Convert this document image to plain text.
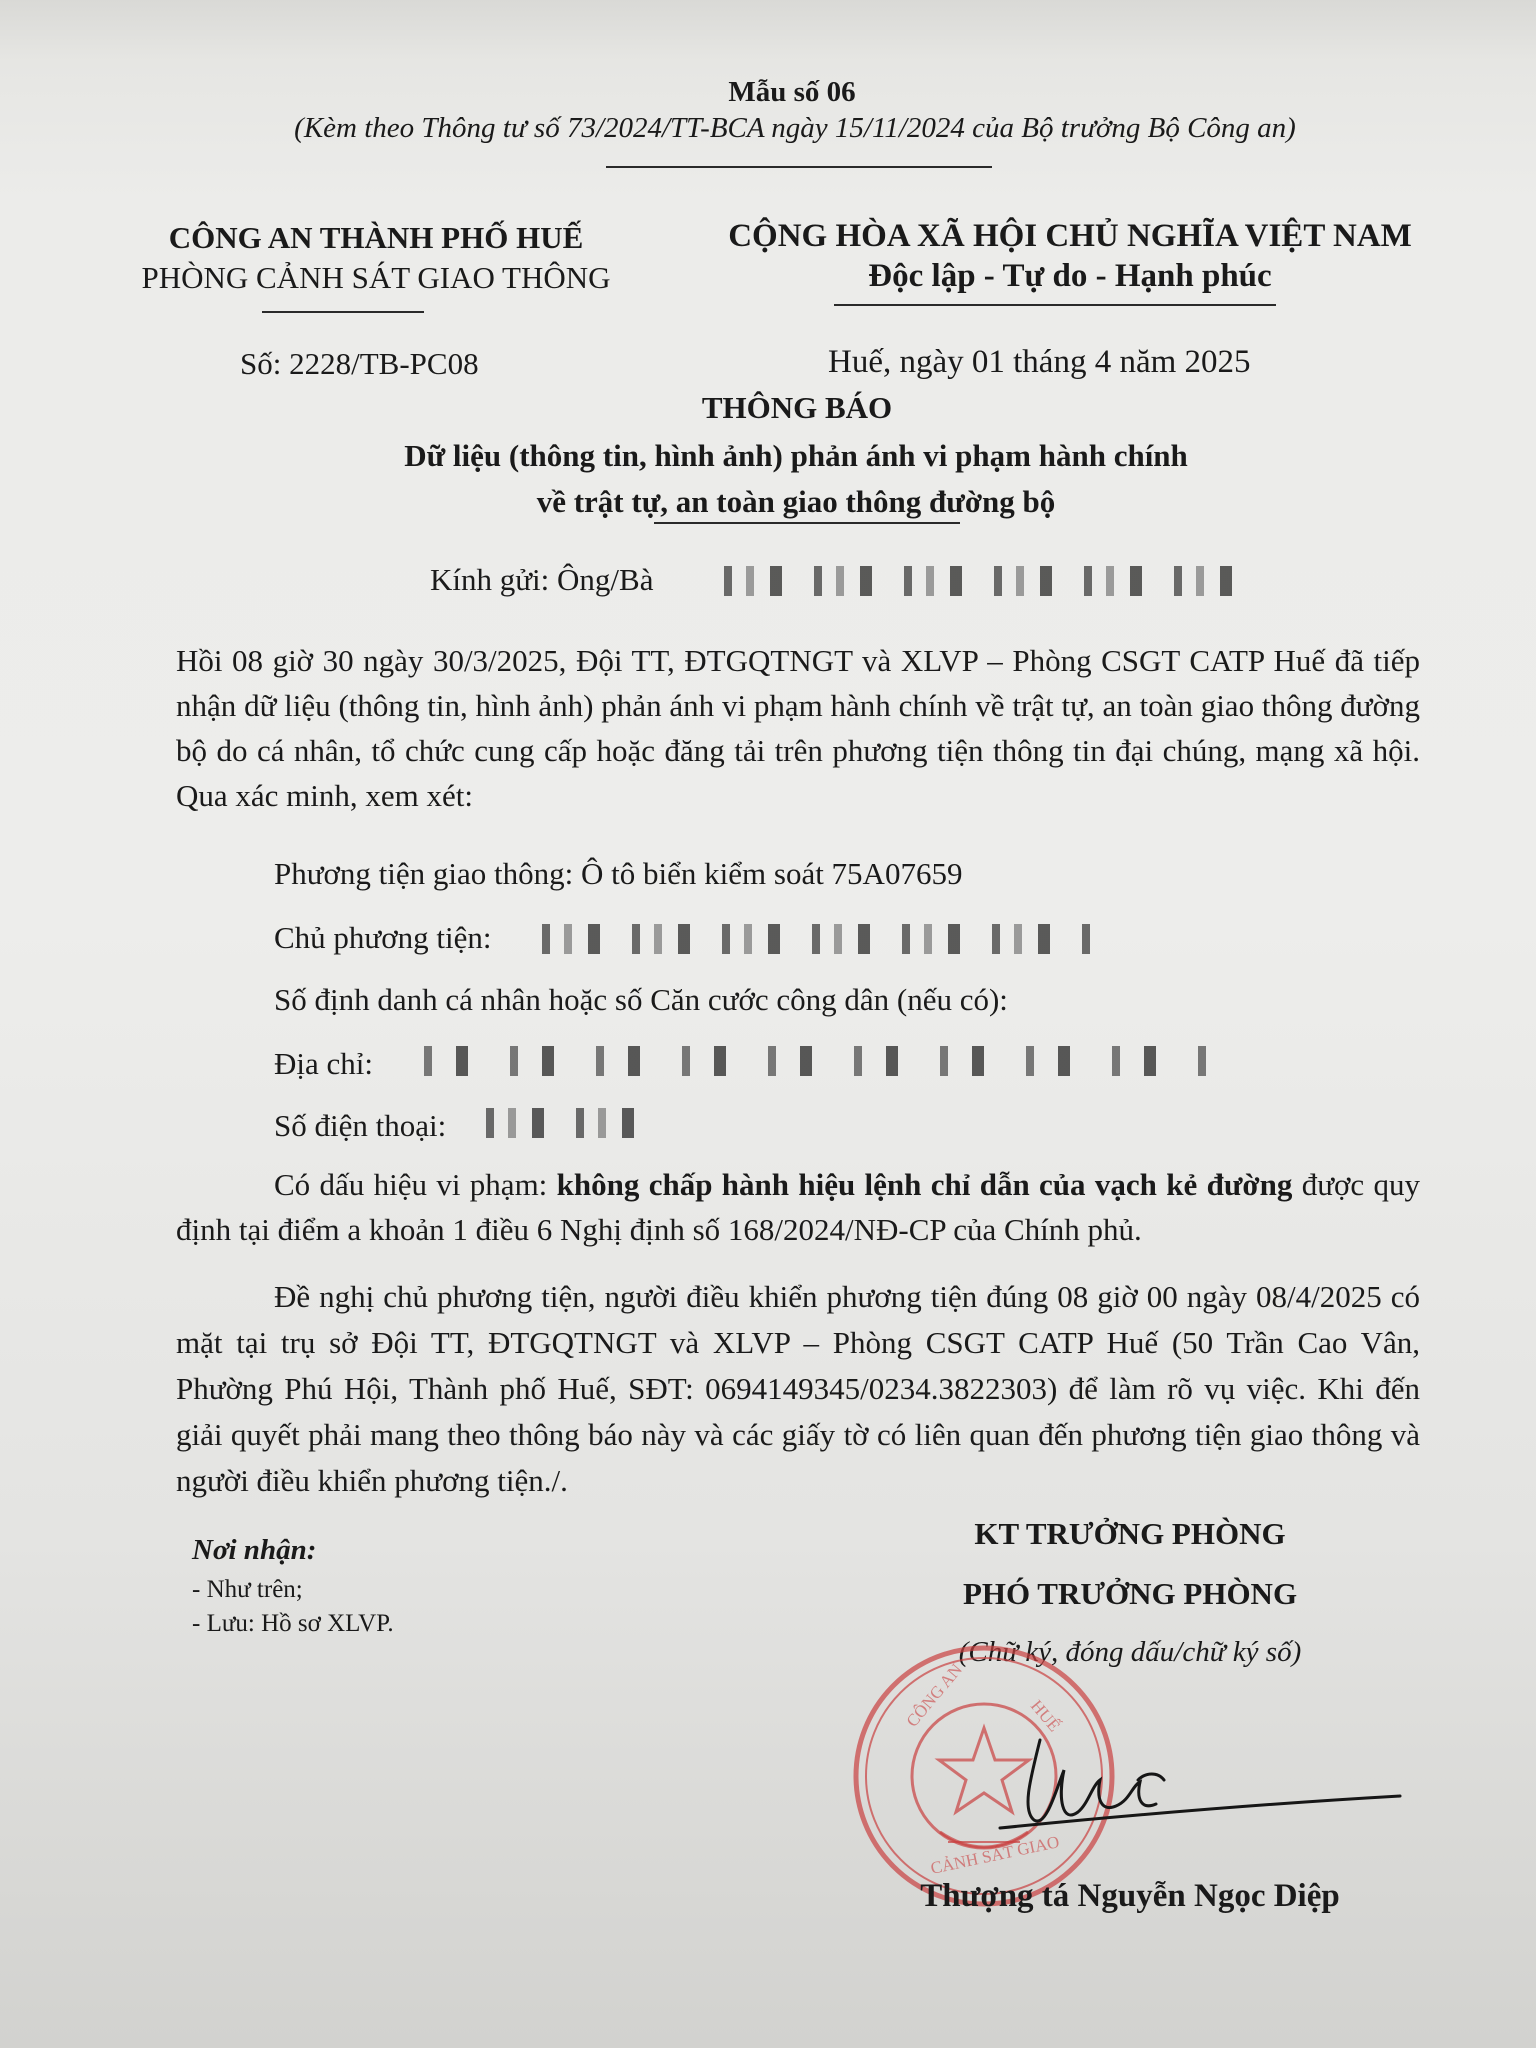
Mẫu số 06
(Kèm theo Thông tư số 73/2024/TT-BCA ngày 15/11/2024 của Bộ trưởng Bộ Công an)
CÔNG AN THÀNH PHỐ HUẾ
PHÒNG CẢNH SÁT GIAO THÔNG
CỘNG HÒA XÃ HỘI CHỦ NGHĨA VIỆT NAM
Độc lập - Tự do - Hạnh phúc
Số: 2228/TB-PC08	Huế, ngày 01 tháng 4 năm 2025
THÔNG BÁO
Dữ liệu (thông tin, hình ảnh) phản ánh vi phạm hành chính
về trật tự, an toàn giao thông đường bộ
Kính gửi: Ông/Bà
Hồi 08 giờ 30 ngày 30/3/2025, Đội TT, ĐTGQTNGT và XLVP – Phòng CSGT CATP Huế đã tiếp nhận dữ liệu (thông tin, hình ảnh) phản ánh vi phạm hành chính về trật tự, an toàn giao thông đường bộ do cá nhân, tổ chức cung cấp hoặc đăng tải trên phương tiện thông tin đại chúng, mạng xã hội. Qua xác minh, xem xét:
Phương tiện giao thông: Ô tô biển kiểm soát 75A07659
Chủ phương tiện:
Số định danh cá nhân hoặc số Căn cước công dân (nếu có):
Địa chỉ:
Số điện thoại:
Có dấu hiệu vi phạm: không chấp hành hiệu lệnh chỉ dẫn của vạch kẻ đường được quy định tại điểm a khoản 1 điều 6 Nghị định số 168/2024/NĐ-CP của Chính phủ.
Đề nghị chủ phương tiện, người điều khiển phương tiện đúng 08 giờ 00 ngày 08/4/2025 có mặt tại trụ sở Đội TT, ĐTGQTNGT và XLVP – Phòng CSGT CATP Huế (50 Trần Cao Vân, Phường Phú Hội, Thành phố Huế, SĐT: 0694149345/0234.3822303) để làm rõ vụ việc. Khi đến giải quyết phải mang theo thông báo này và các giấy tờ có liên quan đến phương tiện giao thông và người điều khiển phương tiện./.
Nơi nhận:
- Như trên;
- Lưu: Hồ sơ XLVP.
KT TRƯỞNG PHÒNG
PHÓ TRƯỞNG PHÒNG
(Chữ ký, đóng dấu/chữ ký số)
CÔNG AN	HUẾ
CẢNH SÁT GIAO
Thượng tá Nguyễn Ngọc Diệp
